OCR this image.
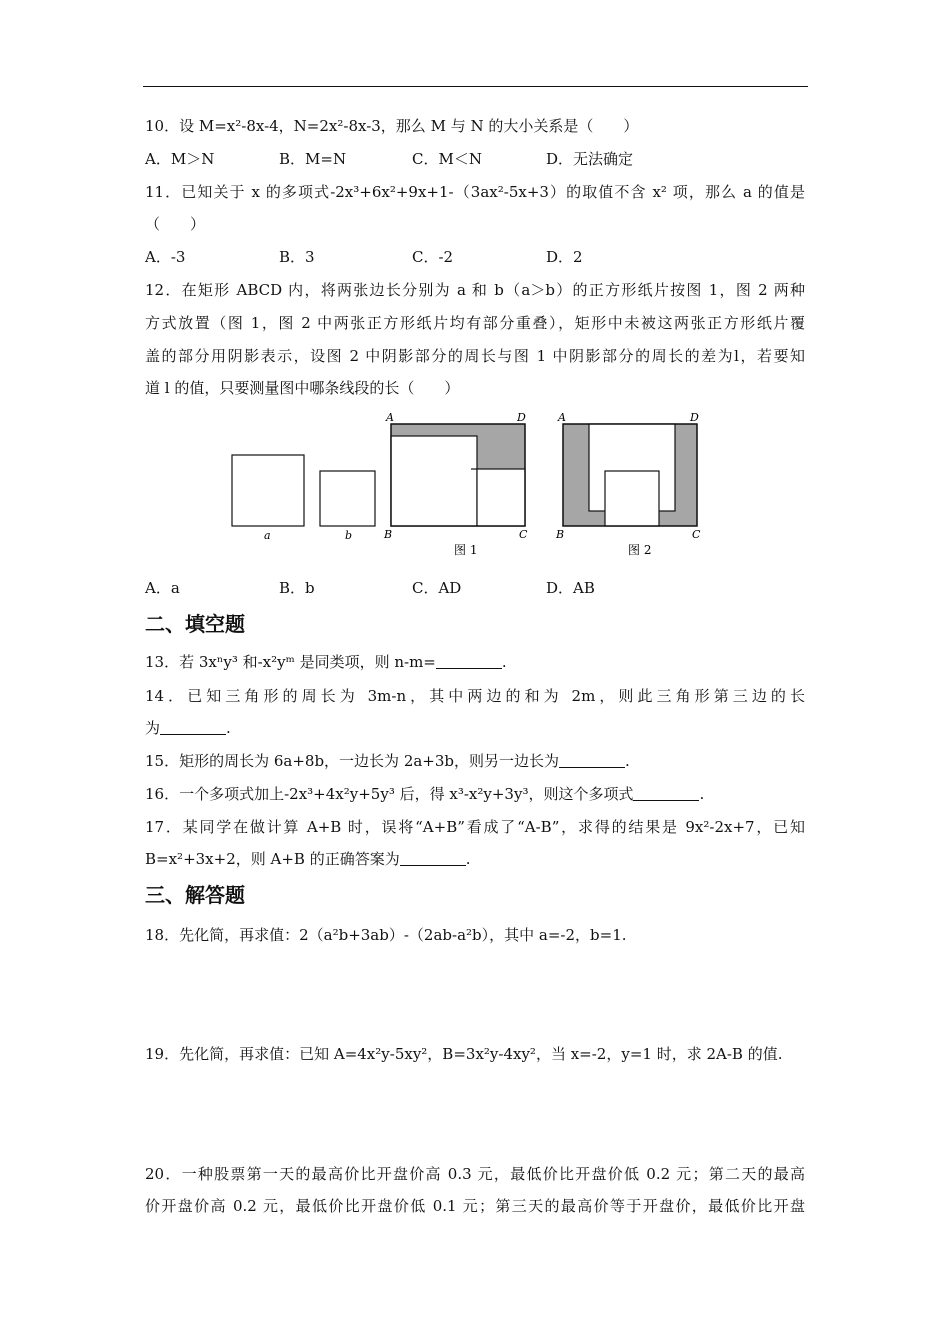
10．设 M=x²-8x-4，N=2x²-8x-3，那么 M 与 N 的大小关系是（　　）
A．M＞N	B．M=N	C．M＜N	D．无法确定
11．已知关于 x 的多项式-2x³+6x²+9x+1-（3ax²-5x+3）的取值不含 x² 项，那么 a 的值是
（　　）
A．-3	B．3	C．-2	D．2
12．在矩形 ABCD 内，将两张边长分别为 a 和 b（a＞b）的正方形纸片按图 1，图 2 两种
方式放置（图 1，图 2 中两张正方形纸片均有部分重叠），矩形中未被这两张正方形纸片覆
盖的部分用阴影表示，设图 2 中阴影部分的周长与图 1 中阴影部分的周长的差为l，若要知
道 l 的值，只要测量图中哪条线段的长（　　）
a	b
A	D
B	C
图 1
A	D
B	C
图 2
A．a	B．b	C．AD	D．AB
二、填空题
13．若 3xⁿy³ 和-x²yᵐ 是同类项，则 n-m=	.
14．已知三角形的周长为 3m-n，其中两边的和为 2m，则此三角形第三边的长
为	.
15．矩形的周长为 6a+8b，一边长为 2a+3b，则另一边长为	.
16．一个多项式加上-2x³+4x²y+5y³ 后，得 x³-x²y+3y³，则这个多项式	.
17．某同学在做计算 A+B 时，误将“A+B”看成了“A-B”，求得的结果是 9x²-2x+7，已知
B=x²+3x+2，则 A+B 的正确答案为	.
三、解答题
18．先化简，再求值：2（a²b+3ab）-（2ab-a²b），其中 a=-2，b=1.
19．先化简，再求值：已知 A=4x²y-5xy²，B=3x²y-4xy²，当 x=-2，y=1 时，求 2A-B 的值.
20．一种股票第一天的最高价比开盘价高 0.3 元，最低价比开盘价低 0.2 元；第二天的最高
价开盘价高 0.2 元，最低价比开盘价低 0.1 元；第三天的最高价等于开盘价，最低价比开盘
